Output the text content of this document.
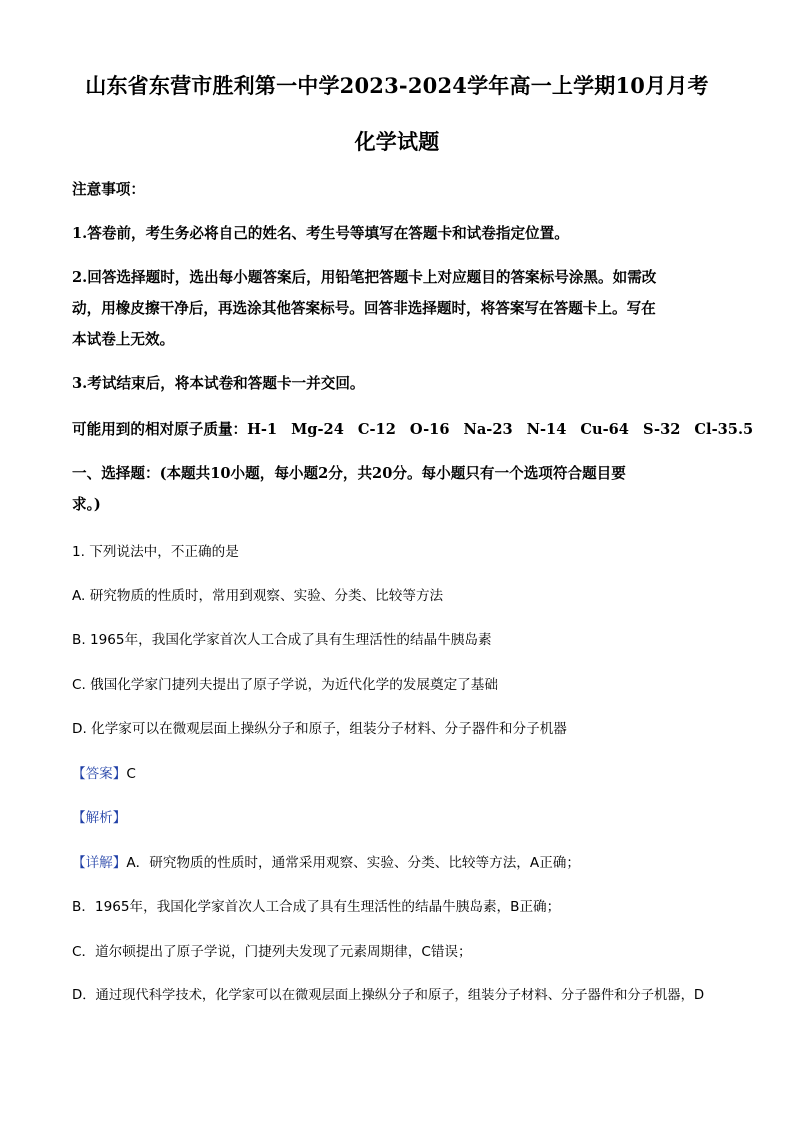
山东省东营市胜利第一中学2023-2024学年高一上学期10月月考
化学试题
注意事项：
1.答卷前，考生务必将自己的姓名、考生号等填写在答题卡和试卷指定位置。
2.回答选择题时，选出每小题答案后，用铅笔把答题卡上对应题目的答案标号涂黑。如需改
动，用橡皮擦干净后，再选涂其他答案标号。回答非选择题时，将答案写在答题卡上。写在
本试卷上无效。
3.考试结束后，将本试卷和答题卡一并交回。
可能用到的相对原子质量：H-1 Mg-24 C-12 O-16 Na-23 N-14 Cu-64 S-32 Cl-35.5
一、选择题：(本题共10小题，每小题2分，共20分。每小题只有一个选项符合题目要
求。)
1. 下列说法中，不正确的是
A. 研究物质的性质时，常用到观察、实验、分类、比较等方法
B. 1965年，我国化学家首次人工合成了具有生理活性的结晶牛胰岛素
C. 俄国化学家门捷列夫提出了原子学说，为近代化学的发展奠定了基础
D. 化学家可以在微观层面上操纵分子和原子，组装分子材料、分子器件和分子机器
【答案】C
【解析】
【详解】A．研究物质的性质时，通常采用观察、实验、分类、比较等方法，A正确；
B．1965年，我国化学家首次人工合成了具有生理活性的结晶牛胰岛素，B正确；
C．道尔顿提出了原子学说，门捷列夫发现了元素周期律，C错误；
D．通过现代科学技术，化学家可以在微观层面上操纵分子和原子，组装分子材料、分子器件和分子机器，D
